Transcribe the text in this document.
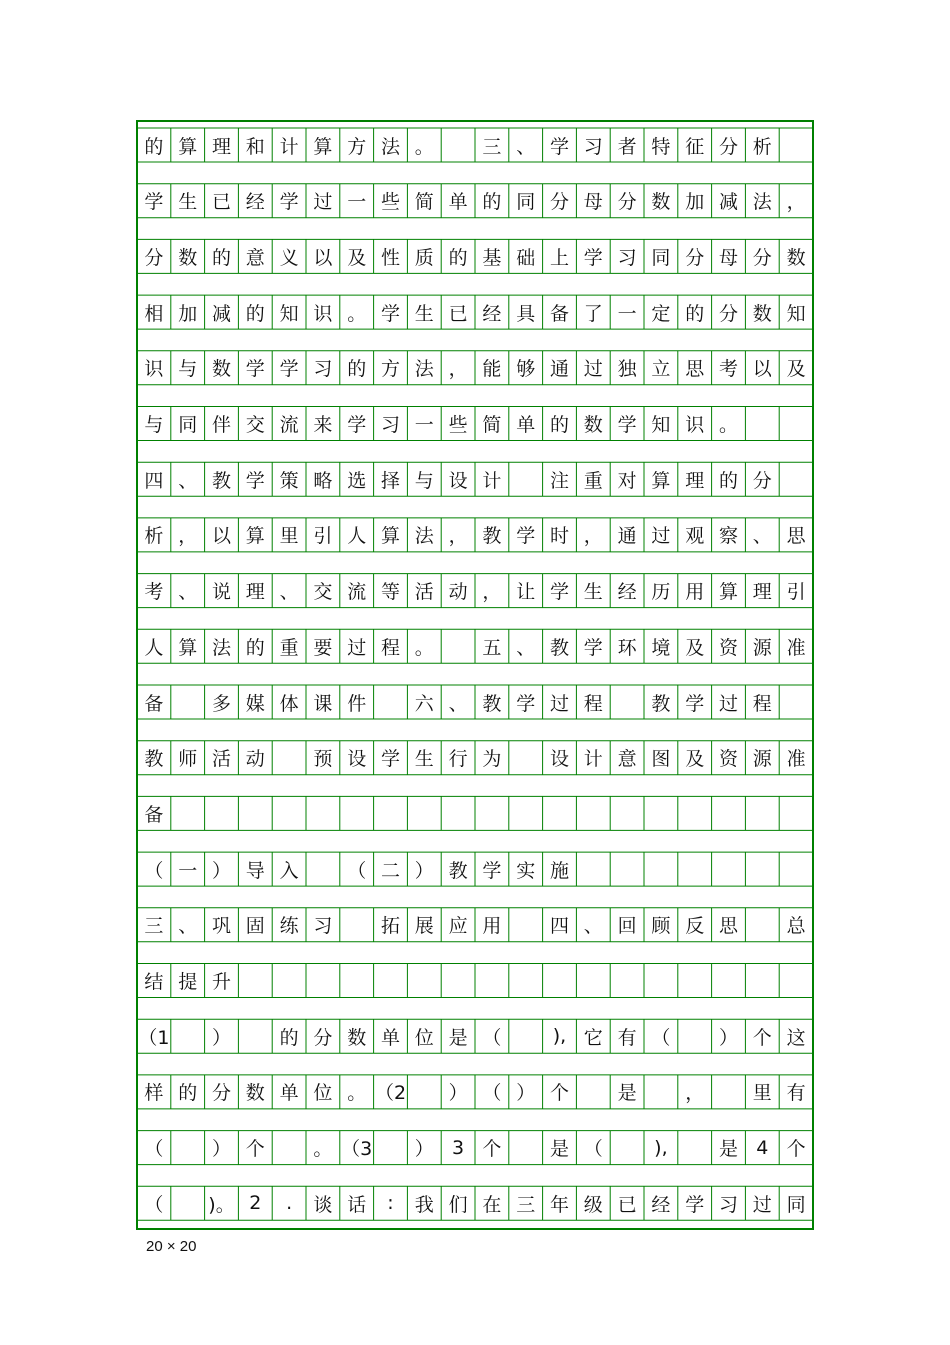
的 算 理 和 计 算 方 法 。	三 、 学 习 者 特 征 分 析
学 生 已 经 学 过 一 些 简 单 的 同 分 母 分 数 加 减 法 ，
分 数 的 意 义 以 及 性 质 的 基 础 上 学 习 同 分 母 分 数
相 加 减 的 知 识 。 学 生 已 经 具 备 了 一 定 的 分 数 知
识 与 数 学 学 习 的 方 法 ， 能 够 通 过 独 立 思 考 以 及
与 同 伴 交 流 来 学 习 一 些 简 单 的 数 学 知 识 。
四 、 教 学 策 略 选 择 与 设 计	注 重 对 算 理 的 分
析 ， 以 算 里 引 人 算 法 ， 教 学 时 ， 通 过 观 察 、 思
考 、 说 理 、 交 流 等 活 动 ， 让 学 生 经 历 用 算 理 引
人 算 法 的 重 要 过 程 。	五 、 教 学 环 境 及 资 源 准
备	多 媒 体 课 件	六 、 教 学 过 程	教 学 过 程
教 师 活 动	预 设 学 生 行 为	设 计 意 图 及 资 源 准
备
（ 一 ） 导 入	（ 二 ） 教 学 实 施
三 、 巩 固 练 习	拓 展 应 用	四 、 回 顾 反 思	总
结 提 升
（1	）	的 分 数 单 位 是 （	), 它 有 （	） 个 这
样 的 分 数 单 位 。 （2	） （ ） 个	是	，	里 有
（	） 个	。 （3	） 3 个	是 （	),	是 4 个
（	)。 2	.	谈 话	:	我 们 在 三 年 级 已 经 学 习 过 同
20 × 20
